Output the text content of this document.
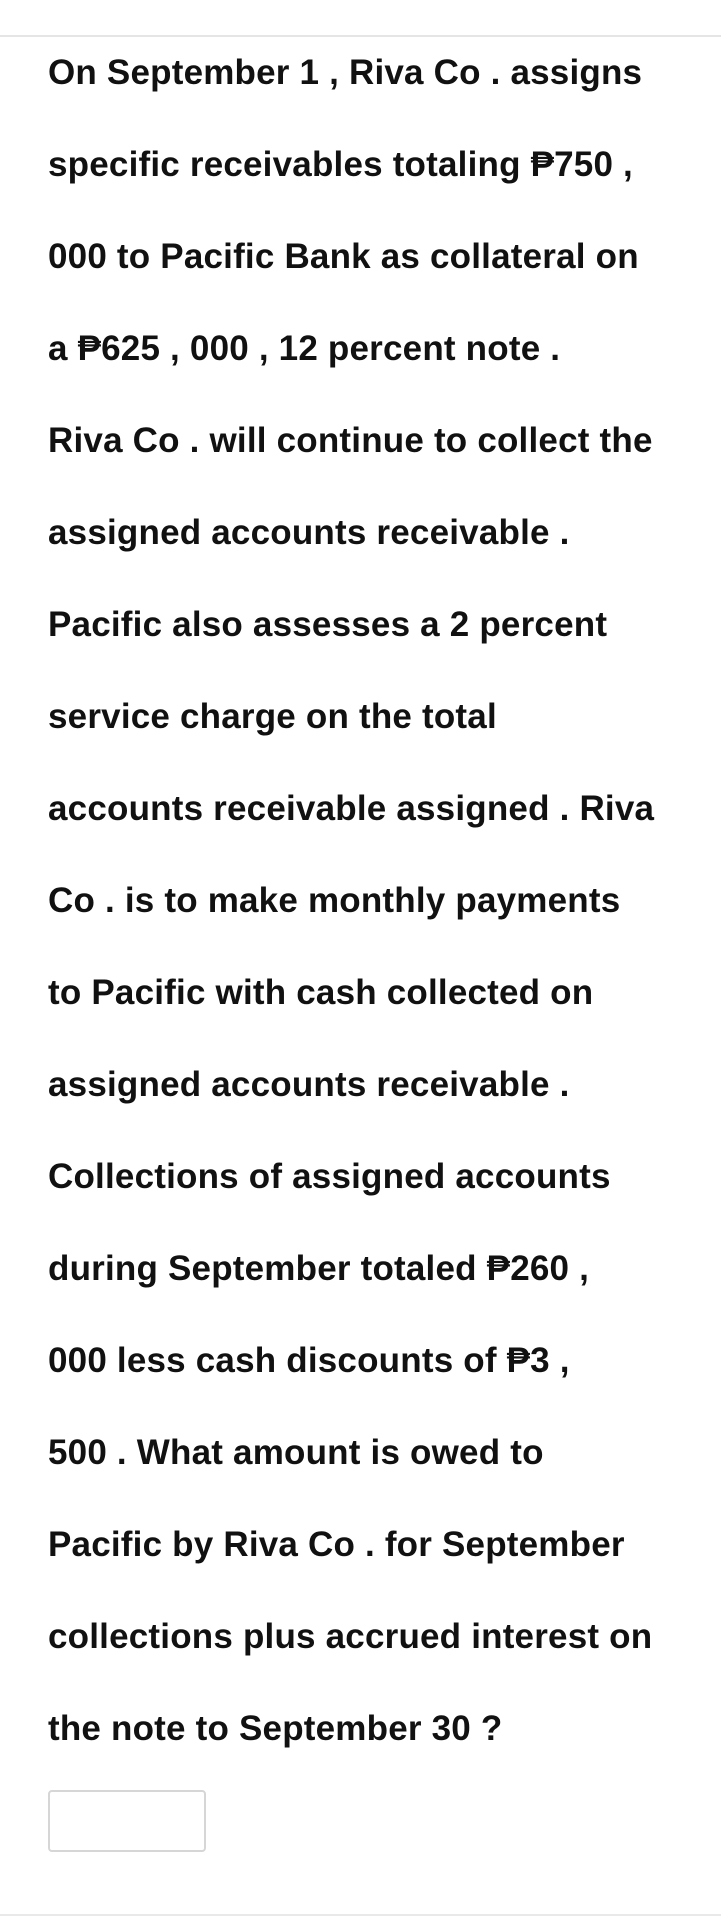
On September 1 , Riva Co . assigns
specific receivables totaling ₱750 ,
000 to Pacific Bank as collateral on
a ₱625 , 000 , 12 percent note .
Riva Co . will continue to collect the
assigned accounts receivable .
Pacific also assesses a 2 percent
service charge on the total
accounts receivable assigned . Riva
Co . is to make monthly payments
to Pacific with cash collected on
assigned accounts receivable .
Collections of assigned accounts
during September totaled ₱260 ,
000 less cash discounts of ₱3 ,
500 . What amount is owed to
Pacific by Riva Co . for September
collections plus accrued interest on
the note to September 30 ?
